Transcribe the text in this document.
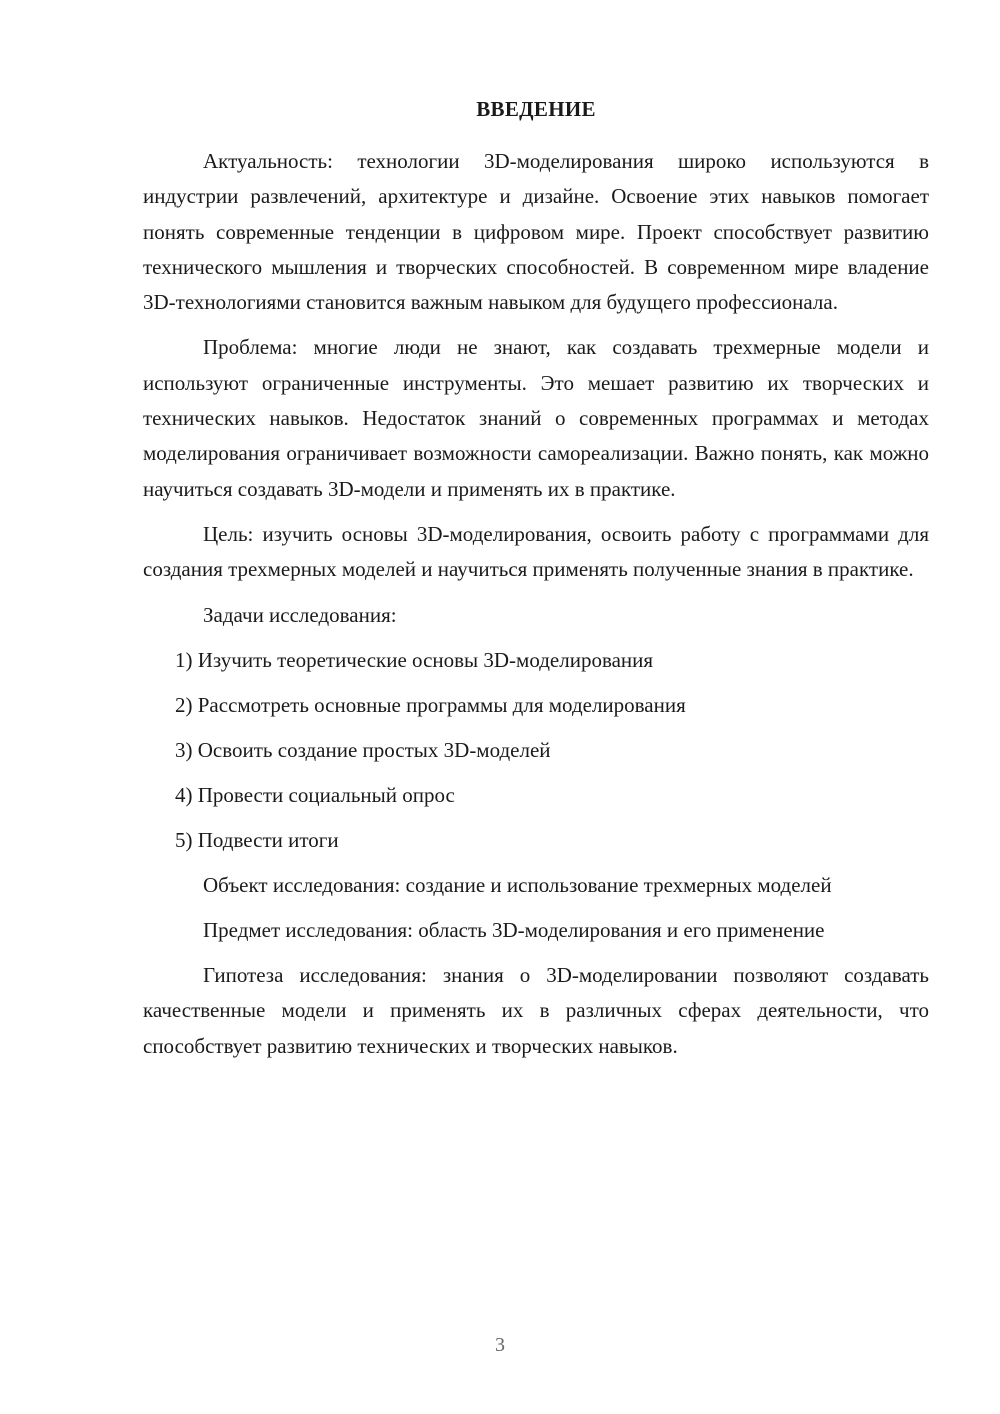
ВВЕДЕНИЕ

Актуальность: технологии 3D-моделирования широко используются в индустрии развлечений, архитектуре и дизайне. Освоение этих навыков помогает понять современные тенденции в цифровом мире. Проект способствует развитию технического мышления и творческих способностей. В современном мире владение 3D-технологиями становится важным навыком для будущего профессионала.

Проблема: многие люди не знают, как создавать трехмерные модели и используют ограниченные инструменты. Это мешает развитию их творческих и технических навыков. Недостаток знаний о современных программах и методах моделирования ограничивает возможности самореализации. Важно понять, как можно научиться создавать 3D-модели и применять их в практике.

Цель: изучить основы 3D-моделирования, освоить работу с программами для создания трехмерных моделей и научиться применять полученные знания в практике.

Задачи исследования:

1) Изучить теоретические основы 3D-моделирования
2) Рассмотреть основные программы для моделирования
3) Освоить создание простых 3D-моделей
4) Провести социальный опрос
5) Подвести итоги

Объект исследования: создание и использование трехмерных моделей

Предмет исследования: область 3D-моделирования и его применение

Гипотеза исследования: знания о 3D-моделировании позволяют создавать качественные модели и применять их в различных сферах деятельности, что способствует развитию технических и творческих навыков.

3
